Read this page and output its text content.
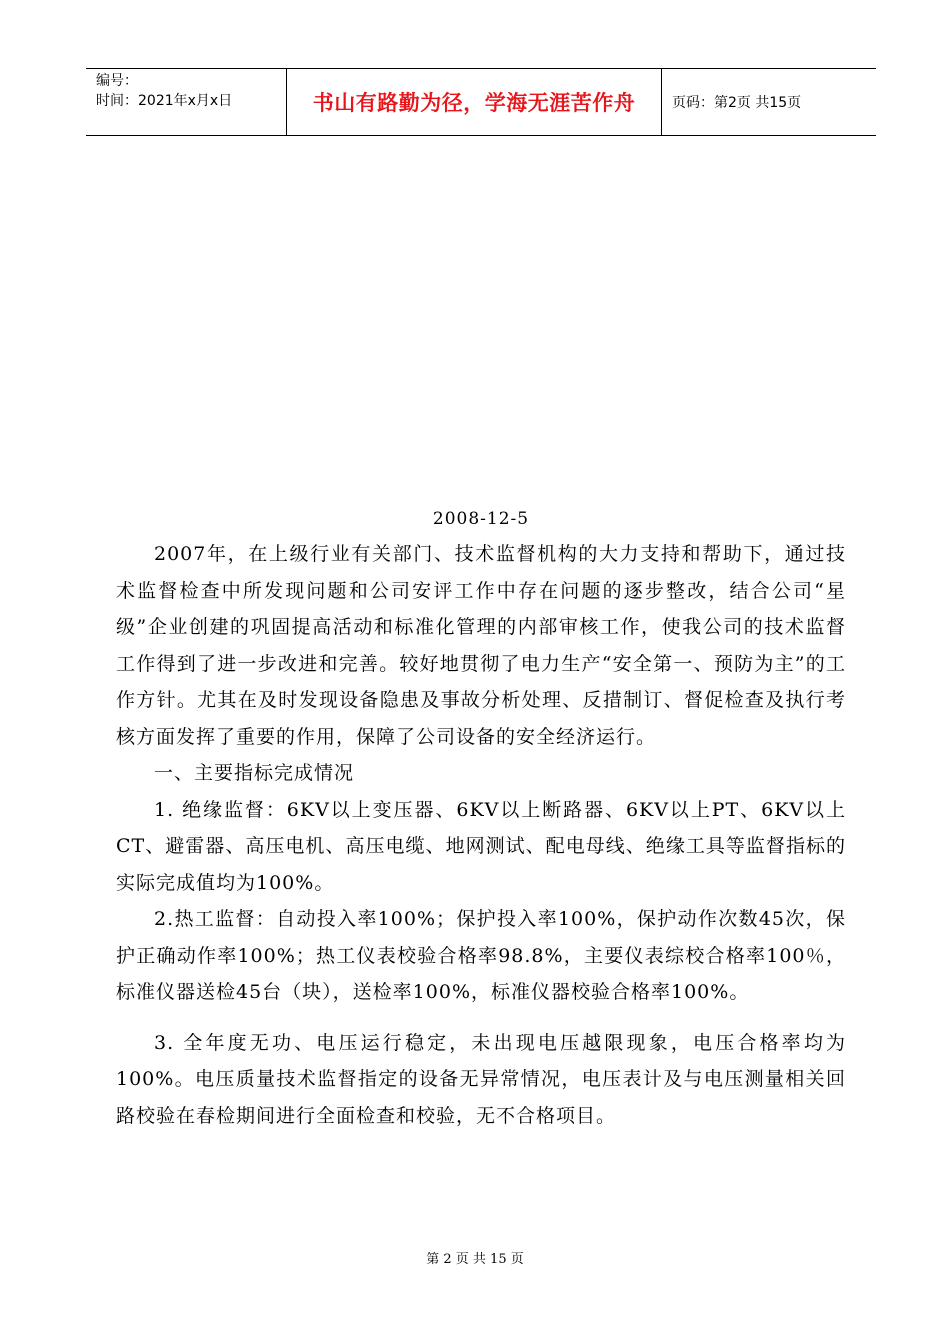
编号：
时间：2021年x月x日	书山有路勤为径，学海无涯苦作舟	页码：第2页 共15页
2008-12-5

2007年，在上级行业有关部门、技术监督机构的大力支持和帮助下，通过技术监督检查中所发现问题和公司安评工作中存在问题的逐步整改，结合公司“星级”企业创建的巩固提高活动和标准化管理的内部审核工作，使我公司的技术监督工作得到了进一步改进和完善。较好地贯彻了电力生产“安全第一、预防为主”的工作方针。尤其在及时发现设备隐患及事故分析处理、反措制订、督促检查及执行考核方面发挥了重要的作用，保障了公司设备的安全经济运行。

一、主要指标完成情况

1. 绝缘监督：6KV以上变压器、6KV以上断路器、6KV以上PT、6KV以上CT、避雷器、高压电机、高压电缆、地网测试、配电母线、绝缘工具等监督指标的实际完成值均为100%。

2.热工监督：自动投入率100%；保护投入率100%，保护动作次数45次，保护正确动作率100%；热工仪表校验合格率98.8%，主要仪表综校合格率100％，标准仪器送检45台（块），送检率100%，标准仪器校验合格率100%。

3. 全年度无功、电压运行稳定，未出现电压越限现象，电压合格率均为100%。电压质量技术监督指定的设备无异常情况，电压表计及与电压测量相关回路校验在春检期间进行全面检查和校验，无不合格项目。

第 2 页 共 15 页
